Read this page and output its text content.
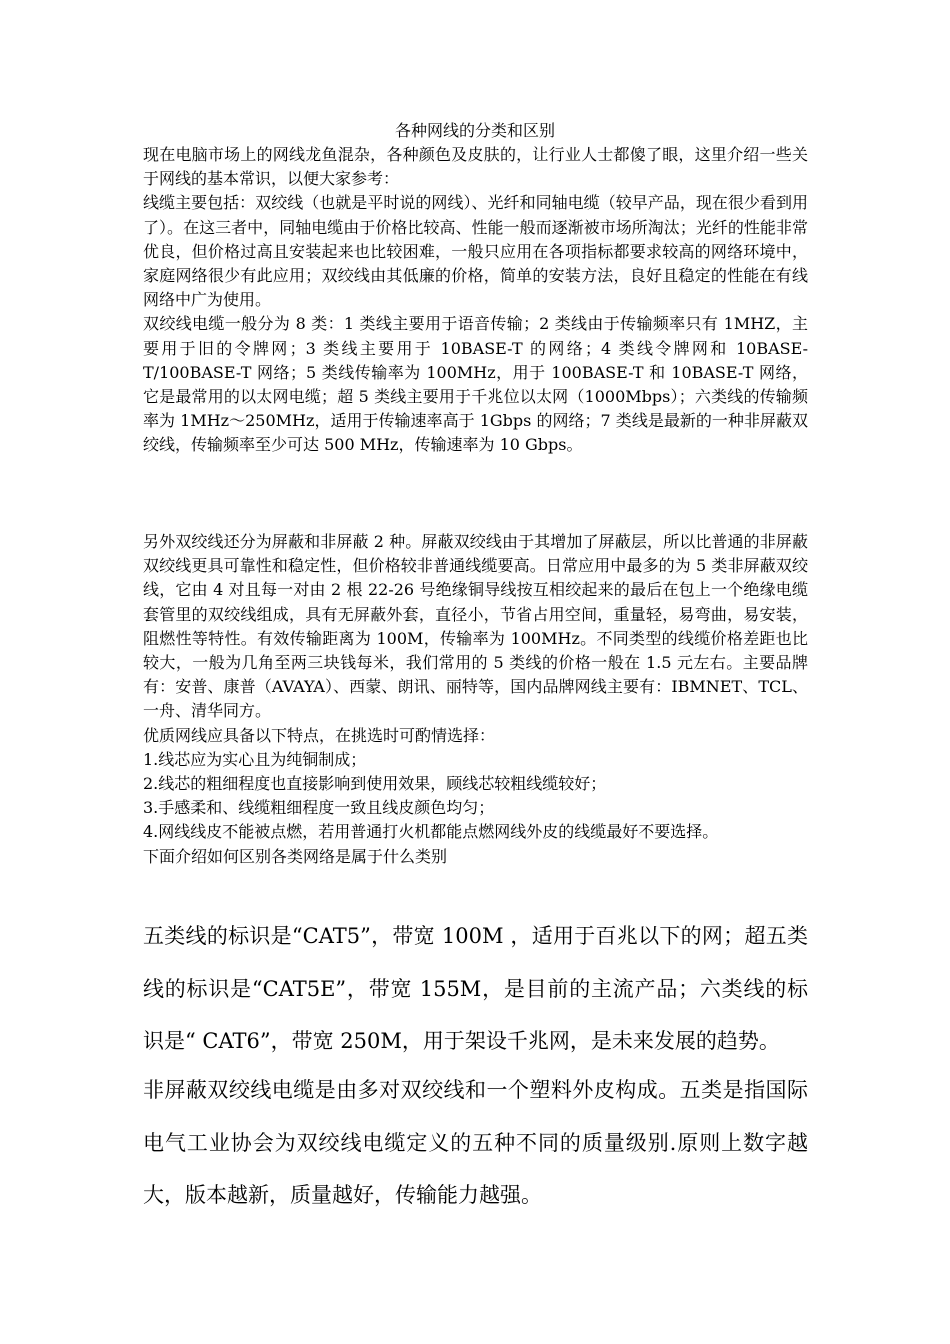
各种网线的分类和区别

现在电脑市场上的网线龙鱼混杂，各种颜色及皮肤的，让行业人士都傻了眼，这里介绍一些关于网线的基本常识，以便大家参考：

线缆主要包括：双绞线（也就是平时说的网线）、光纤和同轴电缆（较早产品，现在很少看到用了）。在这三者中，同轴电缆由于价格比较高、性能一般而逐渐被市场所淘汰；光纤的性能非常优良，但价格过高且安装起来也比较困难，一般只应用在各项指标都要求较高的网络环境中，家庭网络很少有此应用；双绞线由其低廉的价格，简单的安装方法，良好且稳定的性能在有线网络中广为使用。

双绞线电缆一般分为 8 类：1 类线主要用于语音传输；2 类线由于传输频率只有 1MHZ，主要用于旧的令牌网；3 类线主要用于 10BASE-T 的网络；4 类线令牌网和 10BASE-T/100BASE-T 网络；5 类线传输率为 100MHz，用于 100BASE-T 和 10BASE-T 网络，它是最常用的以太网电缆；超 5 类线主要用于千兆位以太网（1000Mbps）；六类线的传输频率为 1MHz～250MHz，适用于传输速率高于 1Gbps 的网络；7 类线是最新的一种非屏蔽双绞线，传输频率至少可达 500 MHz，传输速率为 10 Gbps。

另外双绞线还分为屏蔽和非屏蔽 2 种。屏蔽双绞线由于其增加了屏蔽层，所以比普通的非屏蔽双绞线更具可靠性和稳定性，但价格较非普通线缆要高。日常应用中最多的为 5 类非屏蔽双绞线，它由 4 对且每一对由 2 根 22-26 号绝缘铜导线按互相绞起来的最后在包上一个绝缘电缆套管里的双绞线组成，具有无屏蔽外套，直径小，节省占用空间，重量轻，易弯曲，易安装，阻燃性等特性。有效传输距离为 100M，传输率为 100MHz。不同类型的线缆价格差距也比较大，一般为几角至两三块钱每米，我们常用的 5 类线的价格一般在 1.5 元左右。主要品牌有：安普、康普（AVAYA）、西蒙、朗讯、丽特等，国内品牌网线主要有：IBMNET、TCL、一舟、清华同方。

优质网线应具备以下特点，在挑选时可酌情选择：

1.线芯应为实心且为纯铜制成；

2.线芯的粗细程度也直接影响到使用效果，顾线芯较粗线缆较好；

3.手感柔和、线缆粗细程度一致且线皮颜色均匀；

4.网线线皮不能被点燃，若用普通打火机都能点燃网线外皮的线缆最好不要选择。

下面介绍如何区别各类网络是属于什么类别

五类线的标识是“CAT5”，带宽 100M ，适用于百兆以下的网；超五类线的标识是“CAT5E”，带宽 155M，是目前的主流产品；六类线的标识是“ CAT6”，带宽 250M，用于架设千兆网，是未来发展的趋势。

非屏蔽双绞线电缆是由多对双绞线和一个塑料外皮构成。五类是指国际电气工业协会为双绞线电缆定义的五种不同的质量级别.原则上数字越大，版本越新，质量越好，传输能力越强。
